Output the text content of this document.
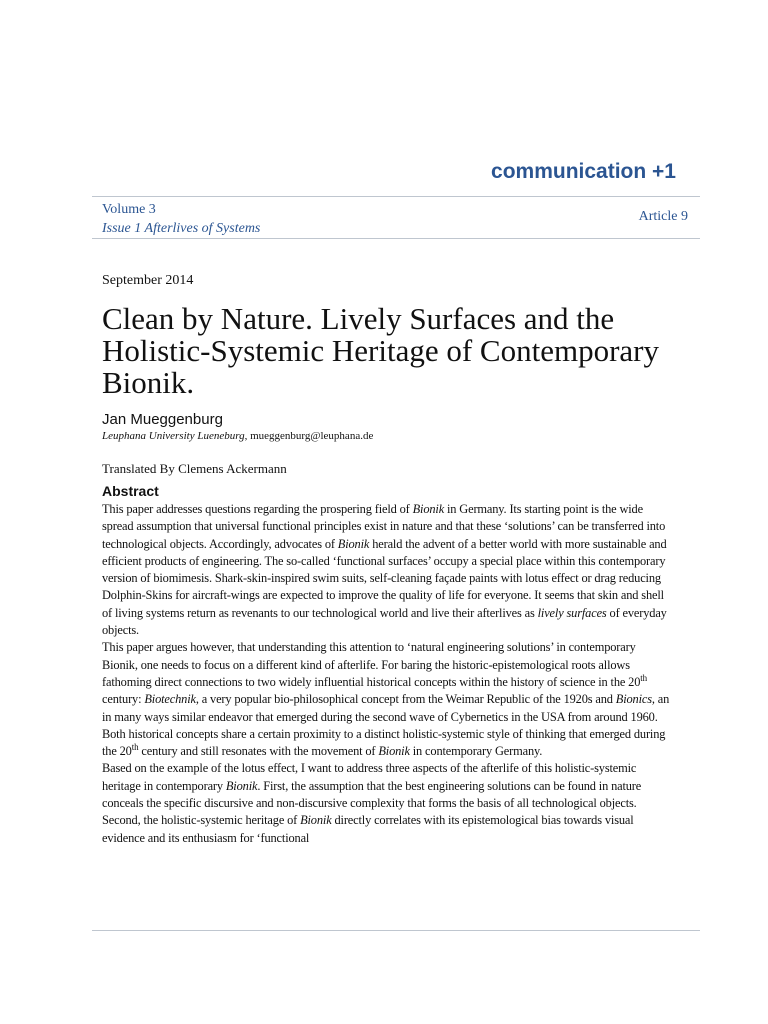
communication +1
Volume 3
Issue 1 Afterlives of Systems
Article 9
September 2014
Clean by Nature. Lively Surfaces and the Holistic-Systemic Heritage of Contemporary Bionik.
Jan Mueggenburg
Leuphana University Lueneburg, mueggenburg@leuphana.de
Translated By Clemens Ackermann
Abstract

This paper addresses questions regarding the prospering field of Bionik in Germany. Its starting point is the wide spread assumption that universal functional principles exist in nature and that these ‘solutions’ can be transferred into technological objects. Accordingly, advocates of Bionik herald the advent of a better world with more sustainable and efficient products of engineering. The so-called ‘functional surfaces’ occupy a special place within this contemporary version of biomimesis. Shark-skin-inspired swim suits, self-cleaning façade paints with lotus effect or drag reducing Dolphin-Skins for aircraft-wings are expected to improve the quality of life for everyone. It seems that skin and shell of living systems return as revenants to our technological world and live their afterlives as lively surfaces of everyday objects.

This paper argues however, that understanding this attention to ‘natural engineering solutions’ in contemporary Bionik, one needs to focus on a different kind of afterlife. For baring the historic-epistemological roots allows fathoming direct connections to two widely influential historical concepts within the history of science in the 20th century: Biotechnik, a very popular bio-philosophical concept from the Weimar Republic of the 1920s and Bionics, an in many ways similar endeavor that emerged during the second wave of Cybernetics in the USA from around 1960. Both historical concepts share a certain proximity to a distinct holistic-systemic style of thinking that emerged during the 20th century and still resonates with the movement of Bionik in contemporary Germany.

Based on the example of the lotus effect, I want to address three aspects of the afterlife of this holistic-systemic heritage in contemporary Bionik. First, the assumption that the best engineering solutions can be found in nature conceals the specific discursive and non-discursive complexity that forms the basis of all technological objects. Second, the holistic-systemic heritage of Bionik directly correlates with its epistemological bias towards visual evidence and its enthusiasm for ‘functional
